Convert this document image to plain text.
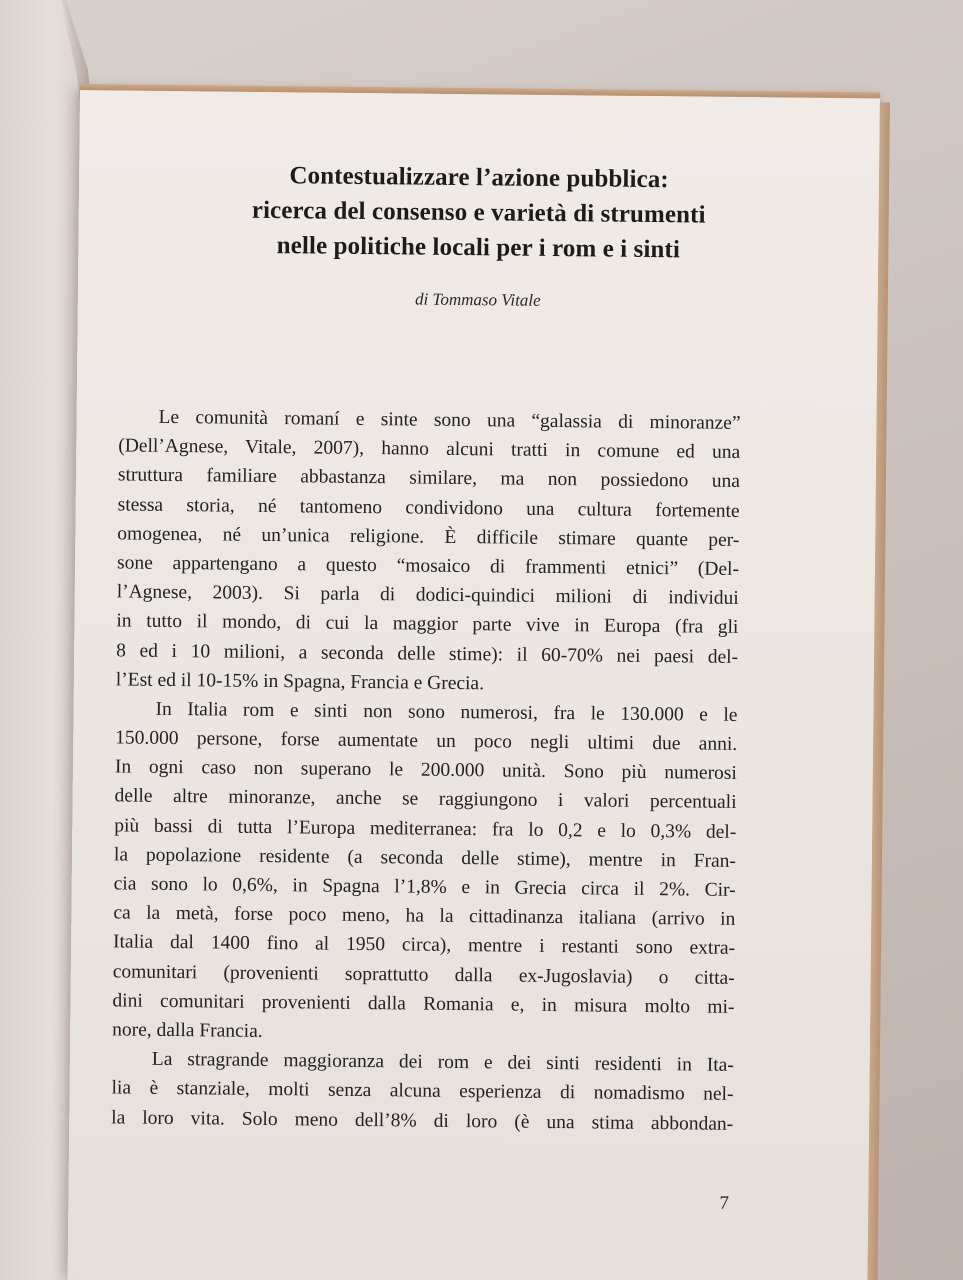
Contestualizzare l’azione pubblica:
ricerca del consenso e varietà di strumenti
nelle politiche locali per i rom e i sinti
di Tommaso Vitale
Le comunità romaní e sinte sono una “galassia di minoranze”
(Dell’Agnese, Vitale, 2007), hanno alcuni tratti in comune ed una
struttura familiare abbastanza similare, ma non possiedono una
stessa storia, né tantomeno condividono una cultura fortemente
omogenea, né un’unica religione. È difficile stimare quante per-
sone appartengano a questo “mosaico di frammenti etnici” (Del-
l’Agnese, 2003). Si parla di dodici-quindici milioni di individui
in tutto il mondo, di cui la maggior parte vive in Europa (fra gli
8 ed i 10 milioni, a seconda delle stime): il 60-70% nei paesi del-
l’Est ed il 10-15% in Spagna, Francia e Grecia.
In Italia rom e sinti non sono numerosi, fra le 130.000 e le
150.000 persone, forse aumentate un poco negli ultimi due anni.
In ogni caso non superano le 200.000 unità. Sono più numerosi
delle altre minoranze, anche se raggiungono i valori percentuali
più bassi di tutta l’Europa mediterranea: fra lo 0,2 e lo 0,3% del-
la popolazione residente (a seconda delle stime), mentre in Fran-
cia sono lo 0,6%, in Spagna l’1,8% e in Grecia circa il 2%. Cir-
ca la metà, forse poco meno, ha la cittadinanza italiana (arrivo in
Italia dal 1400 fino al 1950 circa), mentre i restanti sono extra-
comunitari (provenienti soprattutto dalla ex-Jugoslavia) o citta-
dini comunitari provenienti dalla Romania e, in misura molto mi-
nore, dalla Francia.
La stragrande maggioranza dei rom e dei sinti residenti in Ita-
lia è stanziale, molti senza alcuna esperienza di nomadismo nel-
la loro vita. Solo meno dell’8% di loro (è una stima abbondan-
7
